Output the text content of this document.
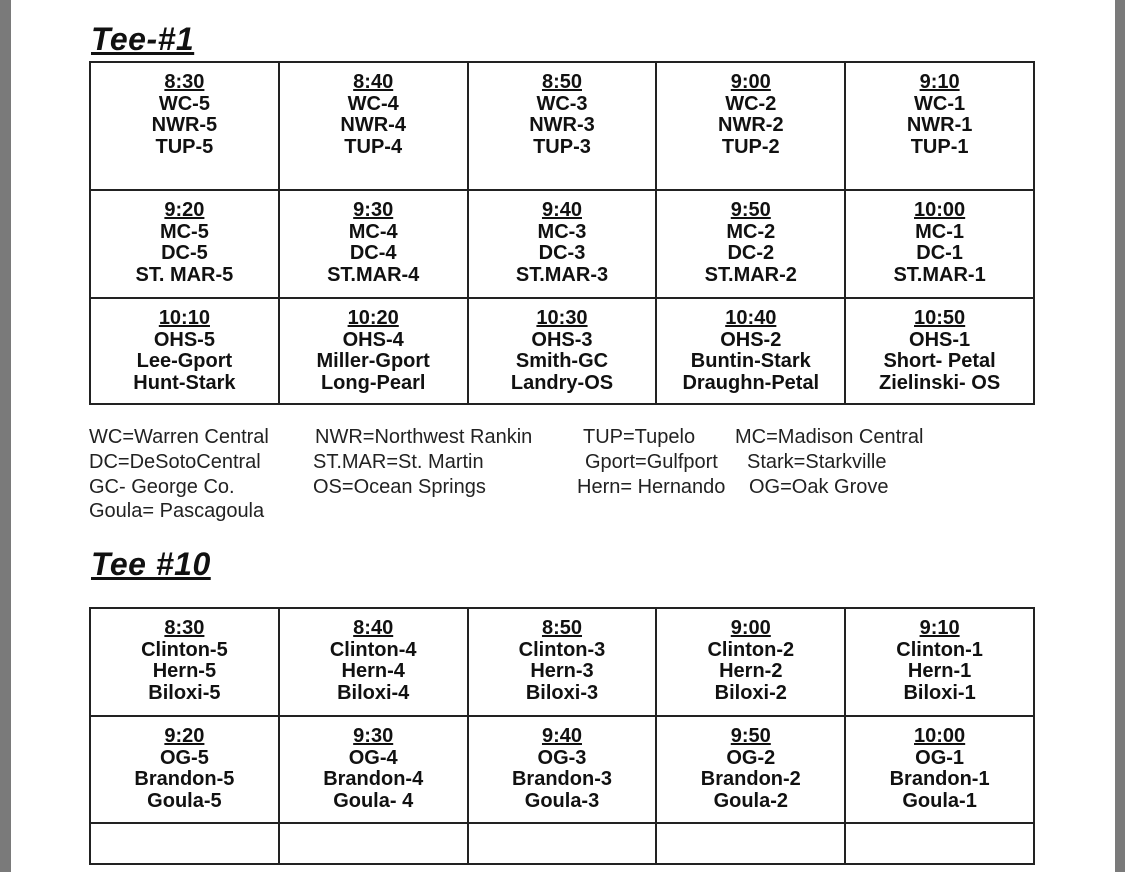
Tee-#1
8:30
WC-5
NWR-5
TUP-5	8:40
WC-4
NWR-4
TUP-4	8:50
WC-3
NWR-3
TUP-3	9:00
WC-2
NWR-2
TUP-2	9:10
WC-1
NWR-1
TUP-1

9:20
MC-5
DC-5
ST. MAR-5	9:30
MC-4
DC-4
ST.MAR-4	9:40
MC-3
DC-3
ST.MAR-3	9:50
MC-2
DC-2
ST.MAR-2	10:00
MC-1
DC-1
ST.MAR-1

10:10
OHS-5
Lee-Gport
Hunt-Stark	10:20
OHS-4
Miller-Gport
Long-Pearl	10:30
OHS-3
Smith-GC
Landry-OS	10:40
OHS-2
Buntin-Stark
Draughn-Petal	10:50
OHS-1
Short- Petal
Zielinski- OS
WC=Warren Central NWR=Northwest Rankin	TUP=Tupelo MC=Madison Central
DC=DeSotoCentral	ST.MAR=St. Martin	Gport=Gulfport Stark=Starkville
GC- George Co.	OS=Ocean Springs	Hern= Hernando OG=Oak Grove
Goula= Pascagoula
Tee #10
8:30
Clinton-5
Hern-5
Biloxi-5	8:40
Clinton-4
Hern-4
Biloxi-4	8:50
Clinton-3
Hern-3
Biloxi-3	9:00
Clinton-2
Hern-2
Biloxi-2	9:10
Clinton-1
Hern-1
Biloxi-1

9:20
OG-5
Brandon-5
Goula-5	9:30
OG-4
Brandon-4
Goula- 4	9:40
OG-3
Brandon-3
Goula-3	9:50
OG-2
Brandon-2
Goula-2	10:00
OG-1
Brandon-1
Goula-1
